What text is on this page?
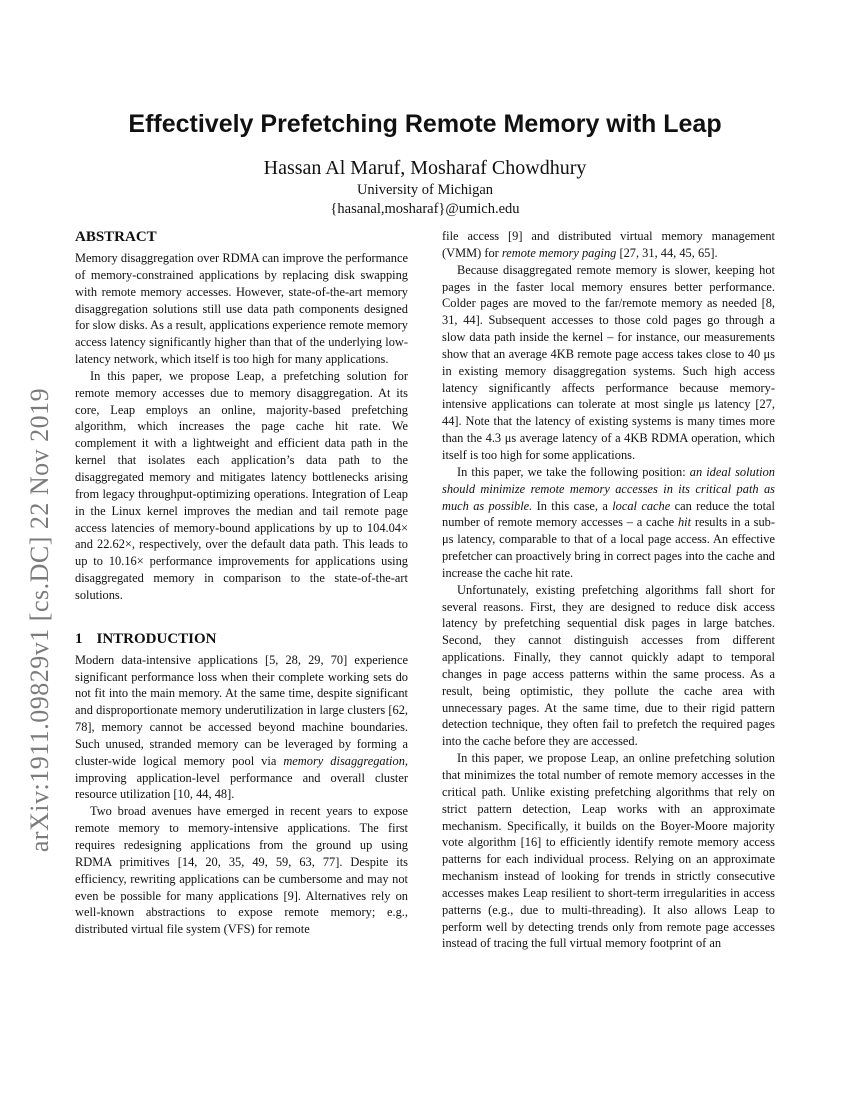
arXiv:1911.09829v1 [cs.DC] 22 Nov 2019
Effectively Prefetching Remote Memory with Leap
Hassan Al Maruf, Mosharaf Chowdhury
University of Michigan
{hasanal,mosharaf}@umich.edu
ABSTRACT

Memory disaggregation over RDMA can improve the performance of memory-constrained applications by replacing disk swapping with remote memory accesses. However, state-of-the-art memory disaggregation solutions still use data path components designed for slow disks. As a result, applications experience remote memory access latency significantly higher than that of the underlying low-latency network, which itself is too high for many applications.

In this paper, we propose Leap, a prefetching solution for remote memory accesses due to memory disaggregation. At its core, Leap employs an online, majority-based prefetching algorithm, which increases the page cache hit rate. We complement it with a lightweight and efficient data path in the kernel that isolates each application’s data path to the disaggregated memory and mitigates latency bottlenecks arising from legacy throughput-optimizing operations. Integration of Leap in the Linux kernel improves the median and tail remote page access latencies of memory-bound applications by up to 104.04× and 22.62×, respectively, over the default data path. This leads to up to 10.16× performance improvements for applications using disaggregated memory in comparison to the state-of-the-art solutions.

1 INTRODUCTION

Modern data-intensive applications [5, 28, 29, 70] experience significant performance loss when their complete working sets do not fit into the main memory. At the same time, despite significant and disproportionate memory underutilization in large clusters [62, 78], memory cannot be accessed beyond machine boundaries. Such unused, stranded memory can be leveraged by forming a cluster-wide logical memory pool via memory disaggregation, improving application-level performance and overall cluster resource utilization [10, 44, 48].

Two broad avenues have emerged in recent years to expose remote memory to memory-intensive applications. The first requires redesigning applications from the ground up using RDMA primitives [14, 20, 35, 49, 59, 63, 77]. Despite its efficiency, rewriting applications can be cumbersome and may not even be possible for many applications [9]. Alternatives rely on well-known abstractions to expose remote memory; e.g., distributed virtual file system (VFS) for remote

file access [9] and distributed virtual memory management (VMM) for remote memory paging [27, 31, 44, 45, 65].

Because disaggregated remote memory is slower, keeping hot pages in the faster local memory ensures better performance. Colder pages are moved to the far/remote memory as needed [8, 31, 44]. Subsequent accesses to those cold pages go through a slow data path inside the kernel – for instance, our measurements show that an average 4KB remote page access takes close to 40 μs in existing memory disaggregation systems. Such high access latency significantly affects performance because memory-intensive applications can tolerate at most single μs latency [27, 44]. Note that the latency of existing systems is many times more than the 4.3 μs average latency of a 4KB RDMA operation, which itself is too high for some applications.

In this paper, we take the following position: an ideal solution should minimize remote memory accesses in its critical path as much as possible. In this case, a local cache can reduce the total number of remote memory accesses – a cache hit results in a sub-μs latency, comparable to that of a local page access. An effective prefetcher can proactively bring in correct pages into the cache and increase the cache hit rate.

Unfortunately, existing prefetching algorithms fall short for several reasons. First, they are designed to reduce disk access latency by prefetching sequential disk pages in large batches. Second, they cannot distinguish accesses from different applications. Finally, they cannot quickly adapt to temporal changes in page access patterns within the same process. As a result, being optimistic, they pollute the cache area with unnecessary pages. At the same time, due to their rigid pattern detection technique, they often fail to prefetch the required pages into the cache before they are accessed.

In this paper, we propose Leap, an online prefetching solution that minimizes the total number of remote memory accesses in the critical path. Unlike existing prefetching algorithms that rely on strict pattern detection, Leap works with an approximate mechanism. Specifically, it builds on the Boyer-Moore majority vote algorithm [16] to efficiently identify remote memory access patterns for each individual process. Relying on an approximate mechanism instead of looking for trends in strictly consecutive accesses makes Leap resilient to short-term irregularities in access patterns (e.g., due to multi-threading). It also allows Leap to perform well by detecting trends only from remote page accesses instead of tracing the full virtual memory footprint of an
